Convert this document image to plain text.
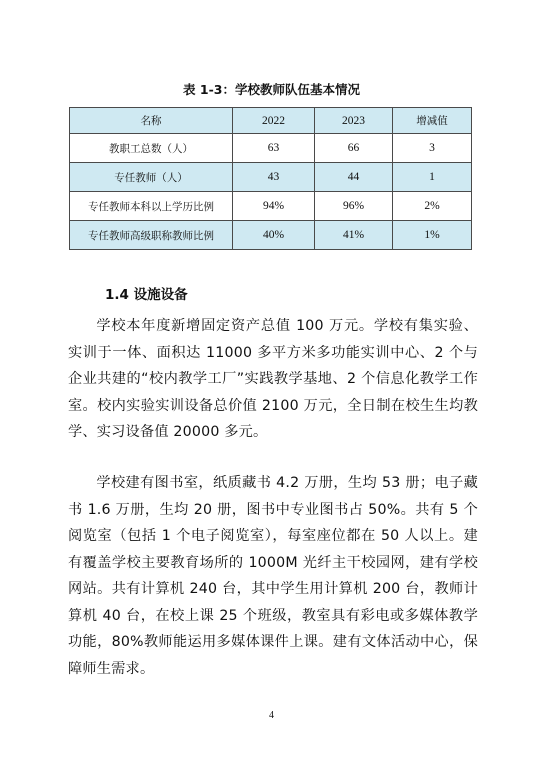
表 1-3：学校教师队伍基本情况
名称	2022	2023	增减值
教职工总数（人）	63	66	3
专任教师（人）	43	44	1
专任教师本科以上学历比例	94%	96%	2%
专任教师高级职称教师比例	40%	41%	1%
1.4 设施设备

学校本年度新增固定资产总值 100 万元。学校有集实验、实训于一体、面积达 11000 多平方米多功能实训中心、2 个与企业共建的“校内教学工厂”实践教学基地、2 个信息化教学工作室。校内实验实训设备总价值 2100 万元，全日制在校生生均教学、实习设备值 20000 多元。

学校建有图书室，纸质藏书 4.2 万册，生均 53 册；电子藏书 1.6 万册，生均 20 册，图书中专业图书占 50%。共有 5 个阅览室（包括 1 个电子阅览室），每室座位都在 50 人以上。建有覆盖学校主要教育场所的 1000M 光纤主干校园网，建有学校网站。共有计算机 240 台，其中学生用计算机 200 台，教师计算机 40 台，在校上课 25 个班级，教室具有彩电或多媒体教学功能，80%教师能运用多媒体课件上课。建有文体活动中心，保障师生需求。

4
